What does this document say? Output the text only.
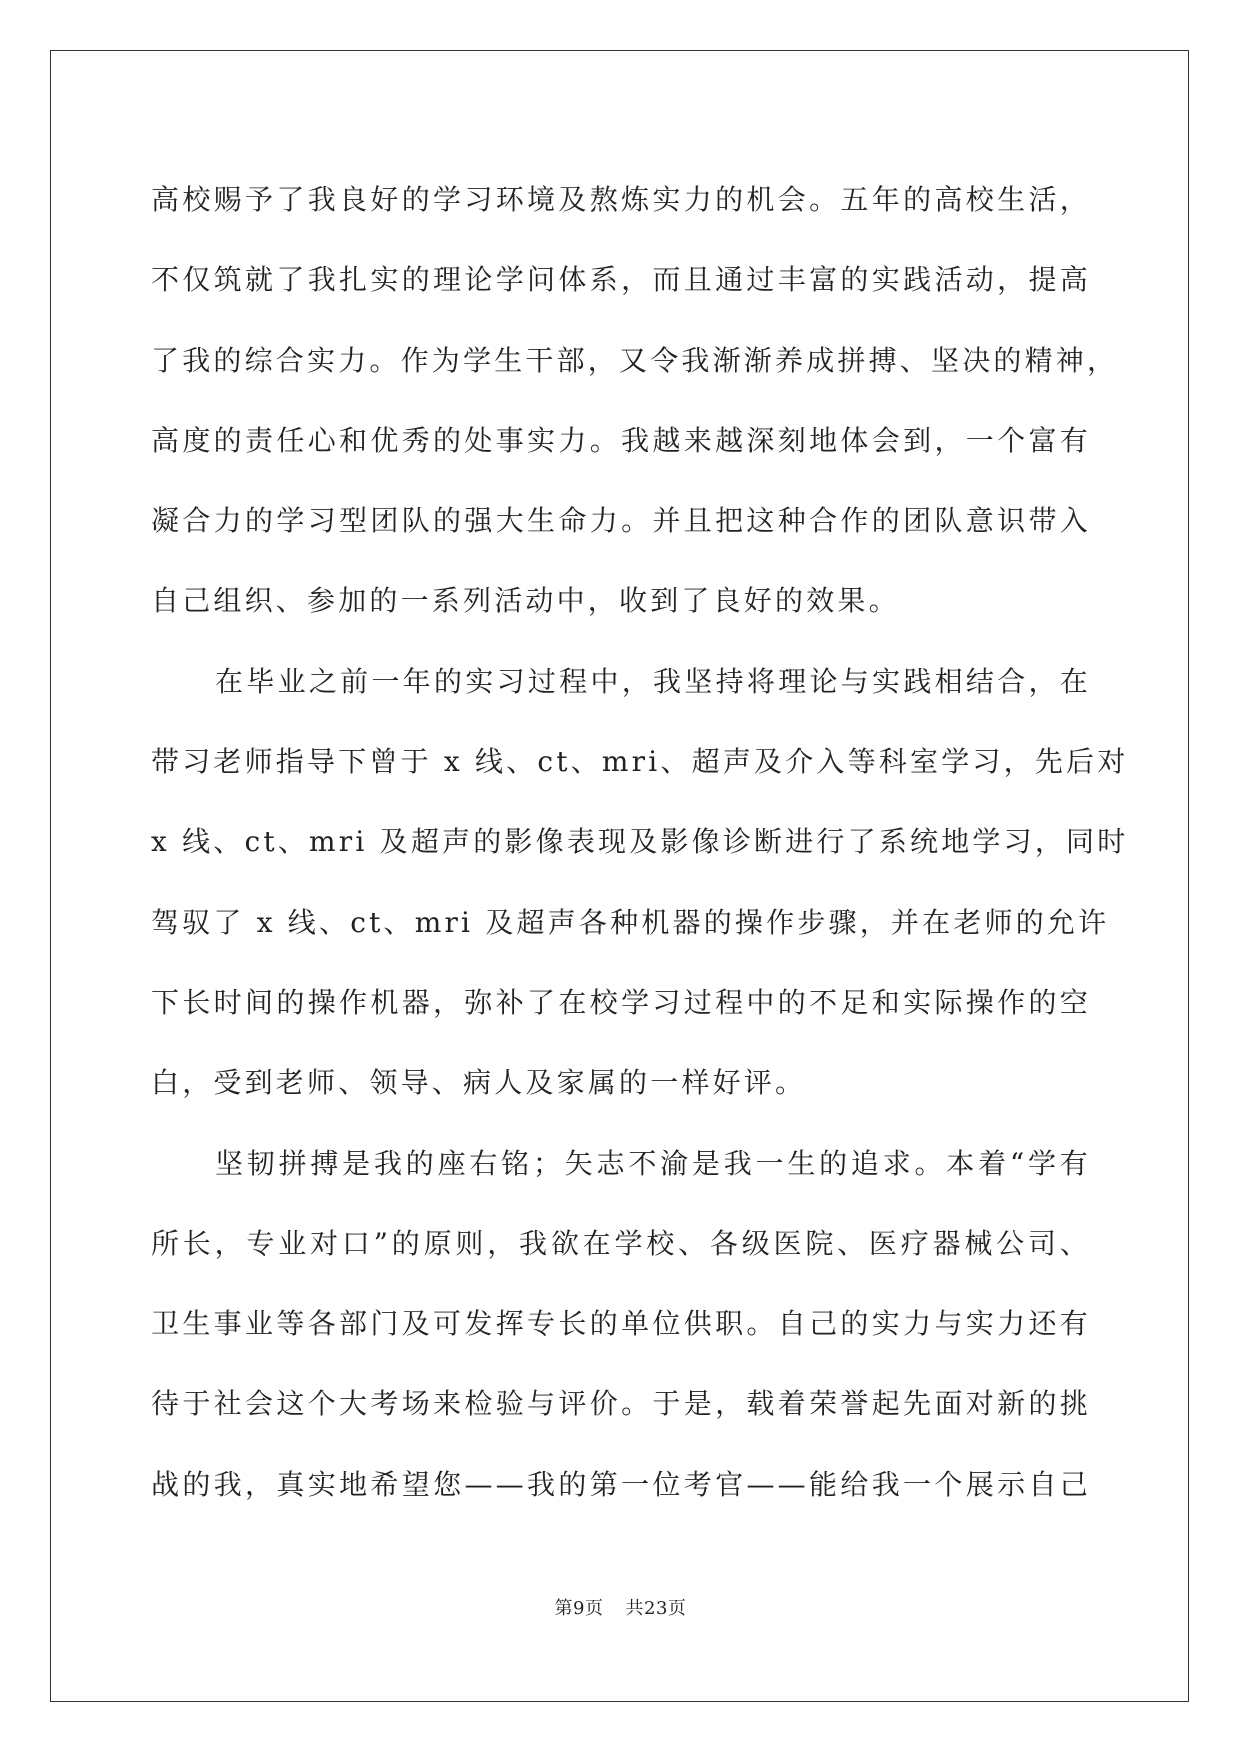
高校赐予了我良好的学习环境及熬炼实力的机会。五年的高校生活，
不仅筑就了我扎实的理论学问体系，而且通过丰富的实践活动，提高
了我的综合实力。作为学生干部，又令我渐渐养成拼搏、坚决的精神，
高度的责任心和优秀的处事实力。我越来越深刻地体会到，一个富有
凝合力的学习型团队的强大生命力。并且把这种合作的团队意识带入
自己组织、参加的一系列活动中，收到了良好的效果。
在毕业之前一年的实习过程中，我坚持将理论与实践相结合，在
带习老师指导下曾于 x 线、ct、mri、超声及介入等科室学习，先后对
x 线、ct、mri 及超声的影像表现及影像诊断进行了系统地学习，同时
驾驭了 x 线、ct、mri 及超声各种机器的操作步骤，并在老师的允许
下长时间的操作机器，弥补了在校学习过程中的不足和实际操作的空
白，受到老师、领导、病人及家属的一样好评。
坚韧拼搏是我的座右铭；矢志不渝是我一生的追求。本着“学有
所长，专业对口”的原则，我欲在学校、各级医院、医疗器械公司、
卫生事业等各部门及可发挥专长的单位供职。自己的实力与实力还有
待于社会这个大考场来检验与评价。于是，载着荣誉起先面对新的挑
战的我，真实地希望您——我的第一位考官——能给我一个展示自己
第9页 共23页
